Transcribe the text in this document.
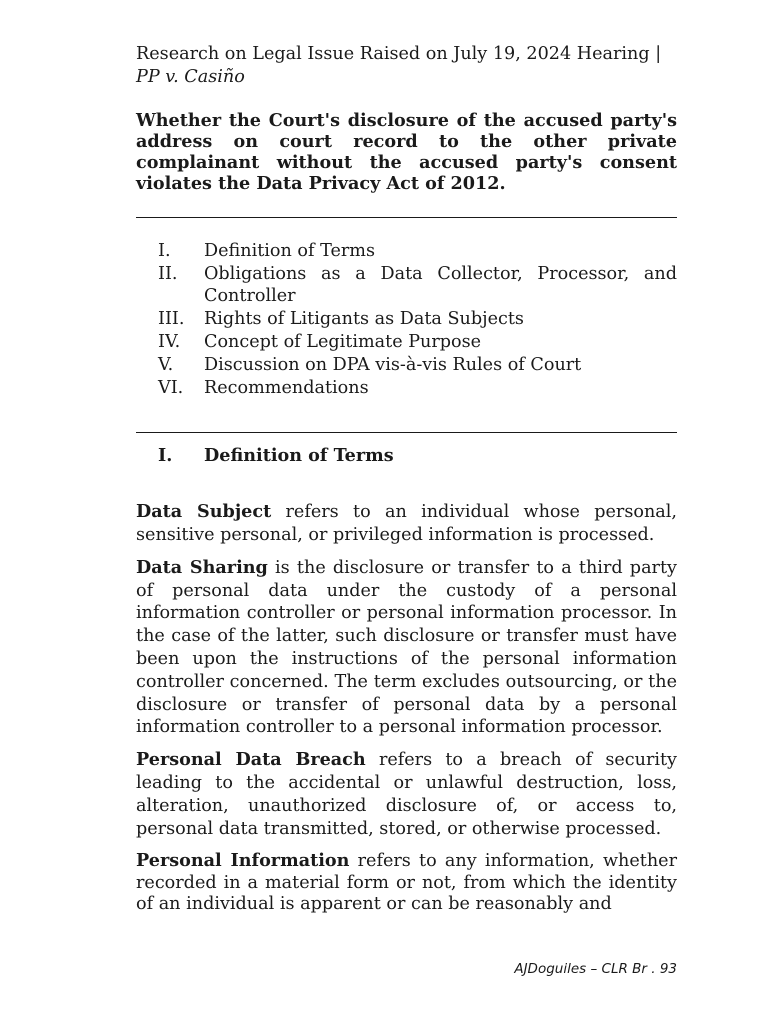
Research on Legal Issue Raised on July 19, 2024 Hearing |
PP v. Casiño
Whether the Court's disclosure of the accused party's address on court record to the other private complainant without the accused party's consent violates the Data Privacy Act of 2012.
I.	Definition of Terms
II.	Obligations as a Data Collector, Processor, and Controller
III.	Rights of Litigants as Data Subjects
IV.	Concept of Legitimate Purpose
V.	Discussion on DPA vis-à-vis Rules of Court
VI.	Recommendations
I.	Definition of Terms

Data Subject refers to an individual whose personal, sensitive personal, or privileged information is processed.

Data Sharing is the disclosure or transfer to a third party of personal data under the custody of a personal information controller or personal information processor. In the case of the latter, such disclosure or transfer must have been upon the instructions of the personal information controller concerned. The term excludes outsourcing, or the disclosure or transfer of personal data by a personal information controller to a personal information processor.

Personal Data Breach refers to a breach of security leading to the accidental or unlawful destruction, loss, alteration, unauthorized disclosure of, or access to, personal data transmitted, stored, or otherwise processed.

Personal Information refers to any information, whether recorded in a material form or not, from which the identity of an individual is apparent or can be reasonably and

AJDoguiles – CLR Br . 93
